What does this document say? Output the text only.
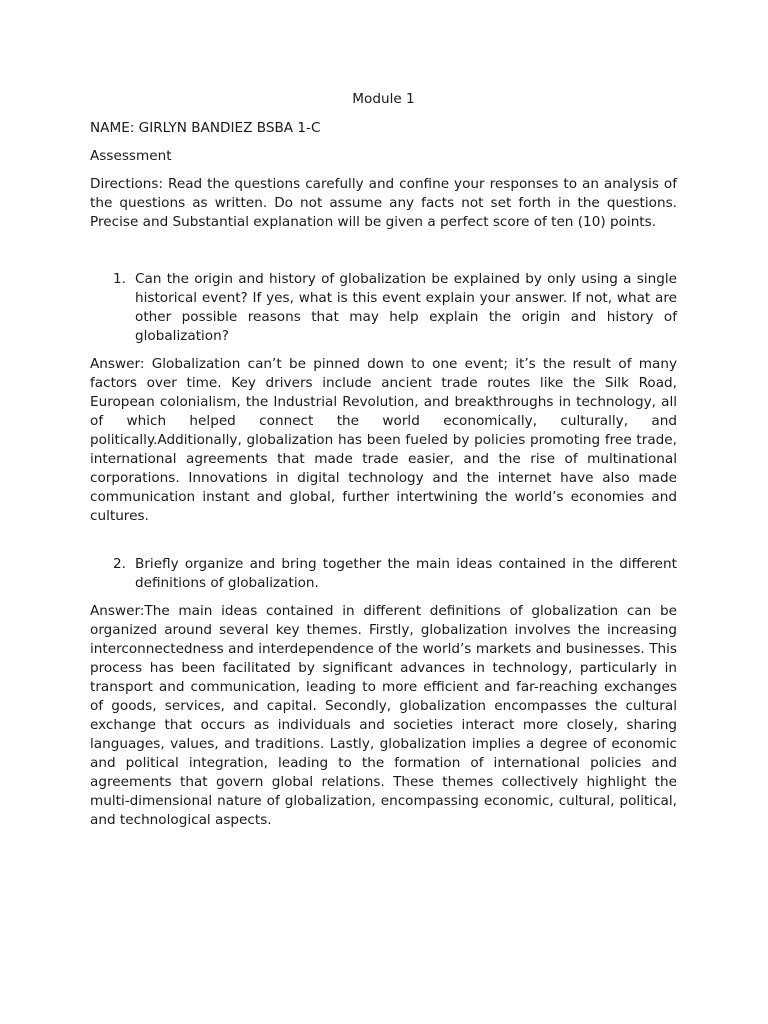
Module 1
NAME: GIRLYN BANDIEZ BSBA 1-C
Assessment
Directions: Read the questions carefully and confine your responses to an analysis of the questions as written. Do not assume any facts not set forth in the questions. Precise and Substantial explanation will be given a perfect score of ten (10) points.
1. Can the origin and history of globalization be explained by only using a single historical event? If yes, what is this event explain your answer. If not, what are other possible reasons that may help explain the origin and history of globalization?
Answer: Globalization can’t be pinned down to one event; it’s the result of many factors over time. Key drivers include ancient trade routes like the Silk Road, European colonialism, the Industrial Revolution, and breakthroughs in technology, all of which helped connect the world economically, culturally, and politically.Additionally, globalization has been fueled by policies promoting free trade, international agreements that made trade easier, and the rise of multinational corporations. Innovations in digital technology and the internet have also made communication instant and global, further intertwining the world’s economies and cultures.
2. Briefly organize and bring together the main ideas contained in the different definitions of globalization.
Answer:The main ideas contained in different definitions of globalization can be organized around several key themes. Firstly, globalization involves the increasing interconnectedness and interdependence of the world’s markets and businesses. This process has been facilitated by significant advances in technology, particularly in transport and communication, leading to more efficient and far-reaching exchanges of goods, services, and capital. Secondly, globalization encompasses the cultural exchange that occurs as individuals and societies interact more closely, sharing languages, values, and traditions. Lastly, globalization implies a degree of economic and political integration, leading to the formation of international policies and agreements that govern global relations. These themes collectively highlight the multi-dimensional nature of globalization, encompassing economic, cultural, political, and technological aspects.
